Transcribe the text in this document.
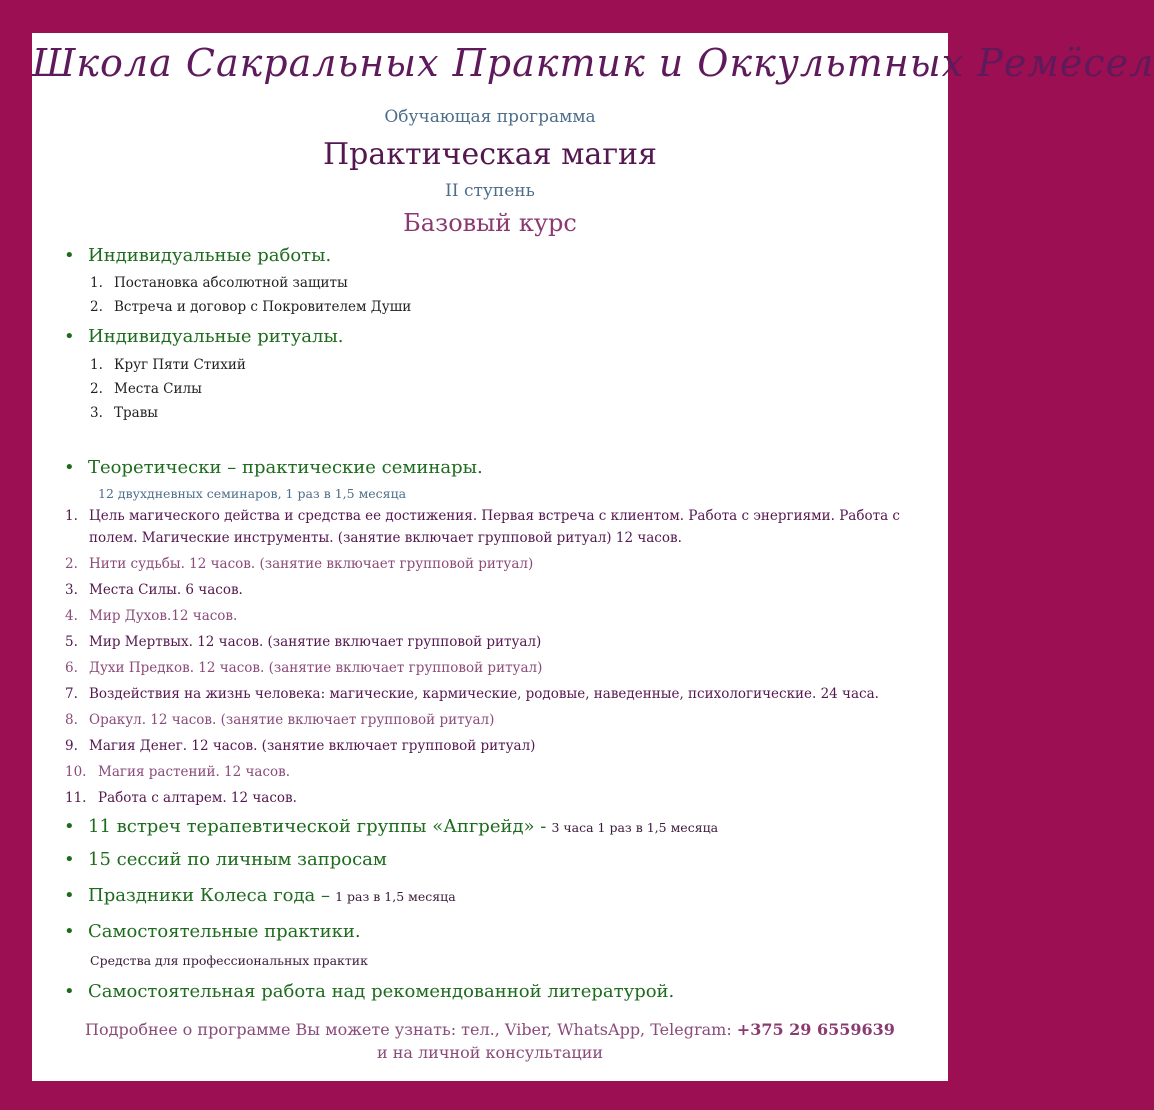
Школа Сакральных Практик и Оккультных Ремёсел
Обучающая программа
Практическая магия
II ступень
Базовый курс
• Индивидуальные работы.
1. Постановка абсолютной защиты
2. Встреча и договор с Покровителем Души
• Индивидуальные ритуалы.
1. Круг Пяти Стихий
2. Места Силы
3. Травы
• Теоретически – практические семинары.
12 двухдневных семинаров, 1 раз в 1,5 месяца
1. Цель магического действа и средства ее достижения. Первая встреча с клиентом. Работа с энергиями. Работа с
полем. Магические инструменты. (занятие включает групповой ритуал) 12 часов.
2. Нити судьбы. 12 часов. (занятие включает групповой ритуал)
3. Места Силы. 6 часов.
4. Мир Духов.12 часов.
5. Мир Мертвых. 12 часов. (занятие включает групповой ритуал)
6. Духи Предков. 12 часов. (занятие включает групповой ритуал)
7. Воздействия на жизнь человека: магические, кармические, родовые, наведенные, психологические. 24 часа.
8. Оракул. 12 часов. (занятие включает групповой ритуал)
9. Магия Денег. 12 часов. (занятие включает групповой ритуал)
10. Магия растений. 12 часов.
11. Работа с алтарем. 12 часов.
• 11 встреч терапевтической группы «Апгрейд» - 3 часа 1 раз в 1,5 месяца
• 15 сессий по личным запросам
• Праздники Колеса года – 1 раз в 1,5 месяца
• Самостоятельные практики.
Средства для профессиональных практик
• Самостоятельная работа над рекомендованной литературой.
Подробнее о программе Вы можете узнать: тел., Viber, WhatsApp, Telegram: +375 29 6559639
и на личной консультации
